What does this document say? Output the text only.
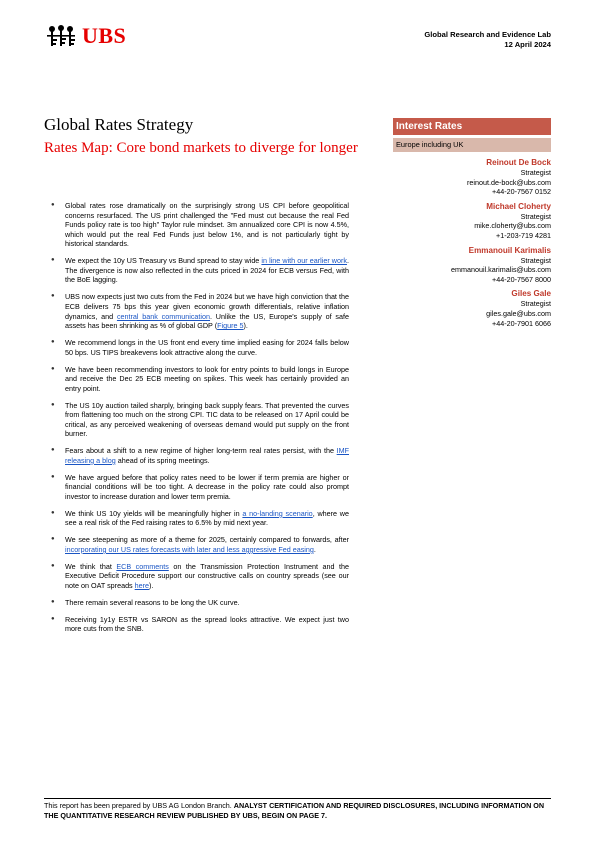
UBS	Global Research and Evidence Lab
12 April 2024
Global Rates Strategy
Rates Map: Core bond markets to diverge for longer
Interest Rates
Europe including UK
Reinout De Bock
Strategist
reinout.de-bock@ubs.com
+44-20-7567 0152
Michael Cloherty
Strategist
mike.cloherty@ubs.com
+1-203-719 4281
Emmanouil Karimalis
Strategist
emmanouil.karimalis@ubs.com
+44-20-7567 8000
Giles Gale
Strategist
giles.gale@ubs.com
+44-20-7901 6066
● Global rates rose dramatically on the surprisingly strong US CPI before geopolitical concerns resurfaced. The US print challenged the "Fed must cut because the real Fed Funds policy rate is too high" Taylor rule mindset. 3m annualized core CPI is now 4.5%, which would put the real Fed Funds just below 1%, and is not particularly tight by historical standards.
● We expect the 10y US Treasury vs Bund spread to stay wide in line with our earlier work. The divergence is now also reflected in the cuts priced in 2024 for ECB versus Fed, with the BoE lagging.
● UBS now expects just two cuts from the Fed in 2024 but we have high conviction that the ECB delivers 75 bps this year given economic growth differentials, relative inflation dynamics, and central bank communication. Unlike the US, Europe's supply of safe assets has been shrinking as % of global GDP (Figure 5).
● We recommend longs in the US front end every time implied easing for 2024 falls below 50 bps. US TIPS breakevens look attractive along the curve.
● We have been recommending investors to look for entry points to build longs in Europe and receive the Dec 25 ECB meeting on spikes. This week has certainly provided an entry point.
● The US 10y auction tailed sharply, bringing back supply fears. That prevented the curves from flattening too much on the strong CPI. TIC data to be released on 17 April could be critical, as any perceived weakening of overseas demand would put supply on the front burner.
● Fears about a shift to a new regime of higher long-term real rates persist, with the IMF releasing a blog ahead of its spring meetings.
● We have argued before that policy rates need to be lower if term premia are higher or financial conditions will be too tight. A decrease in the policy rate could also prompt investor to increase duration and lower term premia.
● We think US 10y yields will be meaningfully higher in a no-landing scenario, where we see a real risk of the Fed raising rates to 6.5% by mid next year.
● We see steepening as more of a theme for 2025, certainly compared to forwards, after incorporating our US rates forecasts with later and less aggressive Fed easing.
● We think that ECB comments on the Transmission Protection Instrument and the Executive Deficit Procedure support our constructive calls on country spreads (see our note on OAT spreads here).
● There remain several reasons to be long the UK curve.
● Receiving 1y1y ESTR vs SARON as the spread looks attractive. We expect just two more cuts from the SNB.
This report has been prepared by UBS AG London Branch. ANALYST CERTIFICATION AND REQUIRED DISCLOSURES, INCLUDING INFORMATION ON THE QUANTITATIVE RESEARCH REVIEW PUBLISHED BY UBS, BEGIN ON PAGE 7.
